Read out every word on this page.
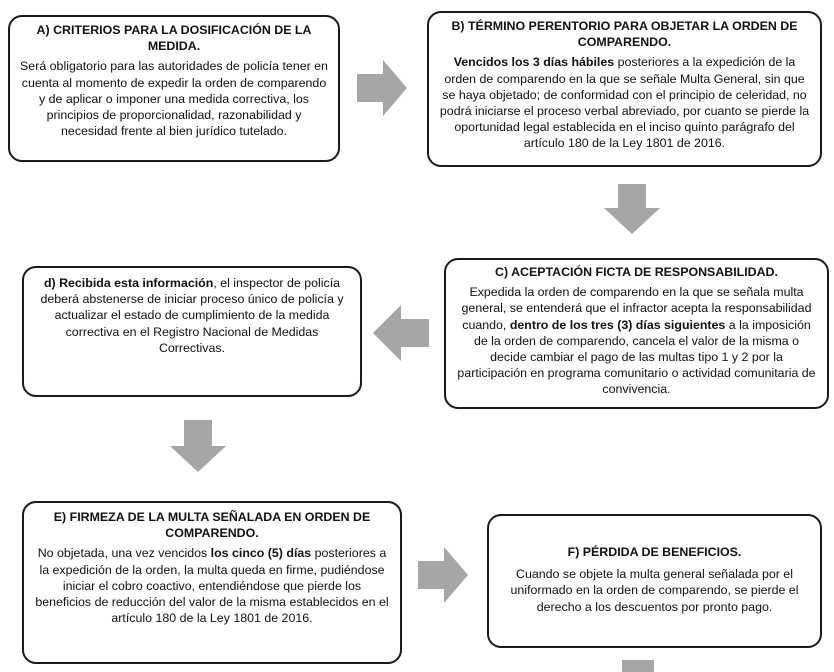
A) CRITERIOS PARA LA DOSIFICACIÓN DE LA MEDIDA.
Será obligatorio para las autoridades de policía tener en cuenta al momento de expedir la orden de comparendo y de aplicar o imponer una medida correctiva, los principios de proporcionalidad, razonabilidad y necesidad frente al bien jurídico tutelado.
B) TÉRMINO PERENTORIO PARA OBJETAR LA ORDEN DE COMPARENDO.
Vencidos los 3 días hábiles posteriores a la expedición de la orden de comparendo en la que se señale Multa General, sin que se haya objetado; de conformidad con el principio de celeridad, no podrá iniciarse el proceso verbal abreviado, por cuanto se pierde la oportunidad legal establecida en el inciso quinto parágrafo del artículo 180 de la Ley 1801 de 2016.
C) ACEPTACIÓN FICTA DE RESPONSABILIDAD.
Expedida la orden de comparendo en la que se señala multa general, se entenderá que el infractor acepta la responsabilidad cuando, dentro de los tres (3) días siguientes a la imposición de la orden de comparendo, cancela el valor de la misma o decide cambiar el pago de las multas tipo 1 y 2 por la participación en programa comunitario o actividad comunitaria de convivencia.
d) Recibida esta información, el inspector de policía deberá abstenerse de iniciar proceso único de policía y actualizar el estado de cumplimiento de la medida correctiva en el Registro Nacional de Medidas Correctivas.
E) FIRMEZA DE LA MULTA SEÑALADA EN ORDEN DE COMPARENDO.
No objetada, una vez vencidos los cinco (5) días posteriores a la expedición de la orden, la multa queda en firme, pudiéndose iniciar el cobro coactivo, entendiéndose que pierde los beneficios de reducción del valor de la misma establecidos en el artículo 180 de la Ley 1801 de 2016.
F) PÉRDIDA DE BENEFICIOS.
Cuando se objete la multa general señalada por el uniformado en la orden de comparendo, se pierde el derecho a los descuentos por pronto pago.
